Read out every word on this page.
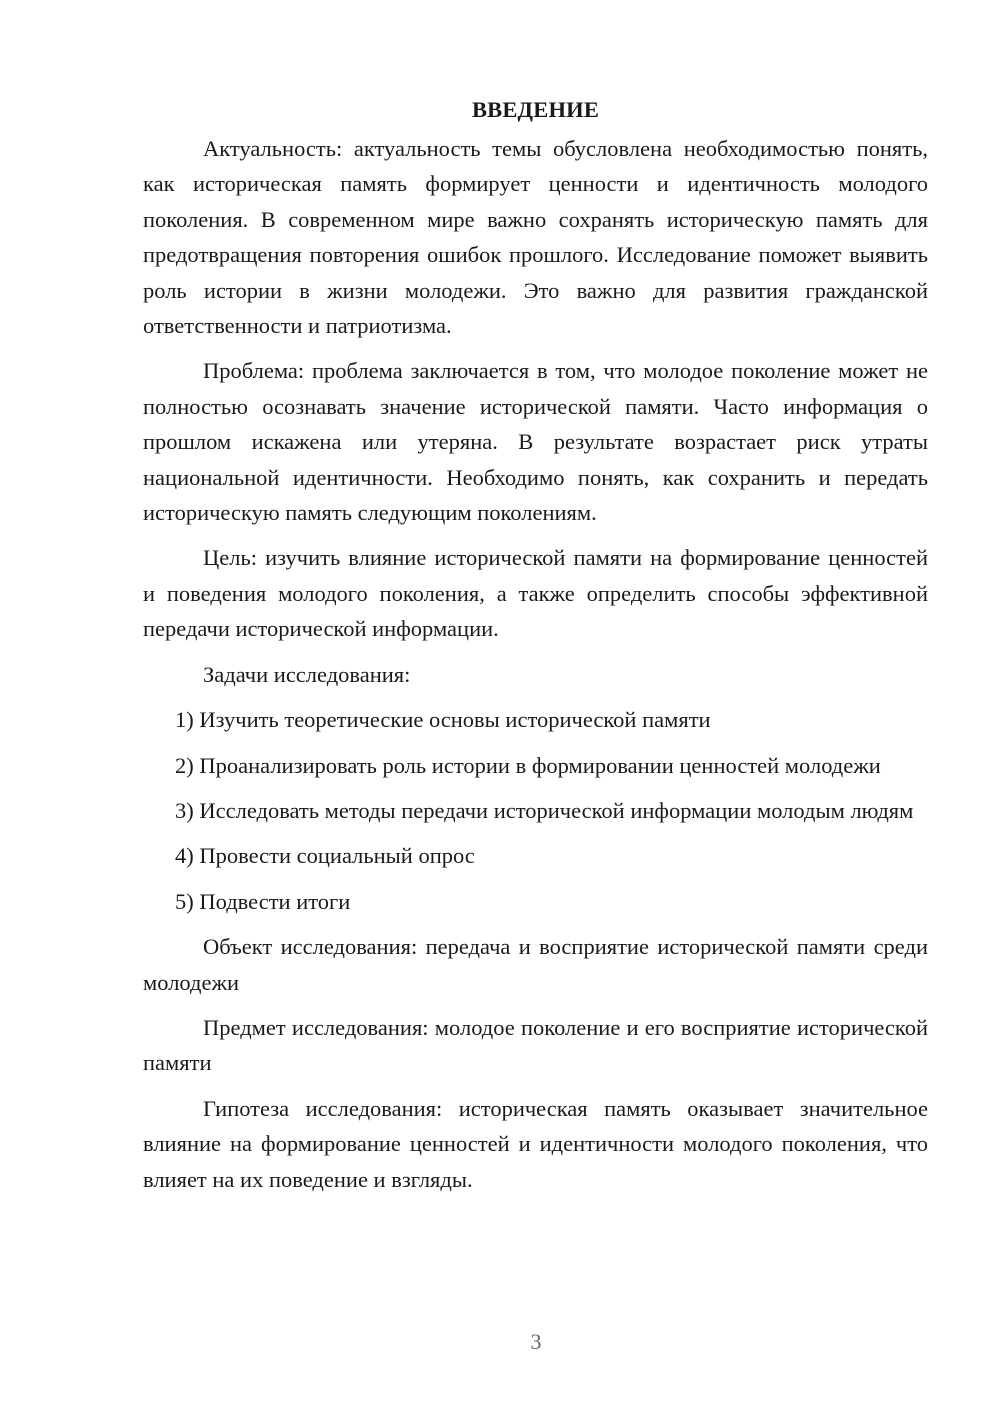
ВВЕДЕНИЕ

Актуальность: актуальность темы обусловлена необходимостью понять, как историческая память формирует ценности и идентичность молодого поколения. В современном мире важно сохранять историческую память для предотвращения повторения ошибок прошлого. Исследование поможет выявить роль истории в жизни молодежи. Это важно для развития гражданской ответственности и патриотизма.

Проблема: проблема заключается в том, что молодое поколение может не полностью осознавать значение исторической памяти. Часто информация о прошлом искажена или утеряна. В результате возрастает риск утраты национальной идентичности. Необходимо понять, как сохранить и передать историческую память следующим поколениям.

Цель: изучить влияние исторической памяти на формирование ценностей и поведения молодого поколения, а также определить способы эффективной передачи исторической информации.

Задачи исследования:

1) Изучить теоретические основы исторической памяти

2) Проанализировать роль истории в формировании ценностей молодежи

3) Исследовать методы передачи исторической информации молодым людям

4) Провести социальный опрос

5) Подвести итоги

Объект исследования: передача и восприятие исторической памяти среди молодежи

Предмет исследования: молодое поколение и его восприятие исторической памяти

Гипотеза исследования: историческая память оказывает значительное влияние на формирование ценностей и идентичности молодого поколения, что влияет на их поведение и взгляды.

3
